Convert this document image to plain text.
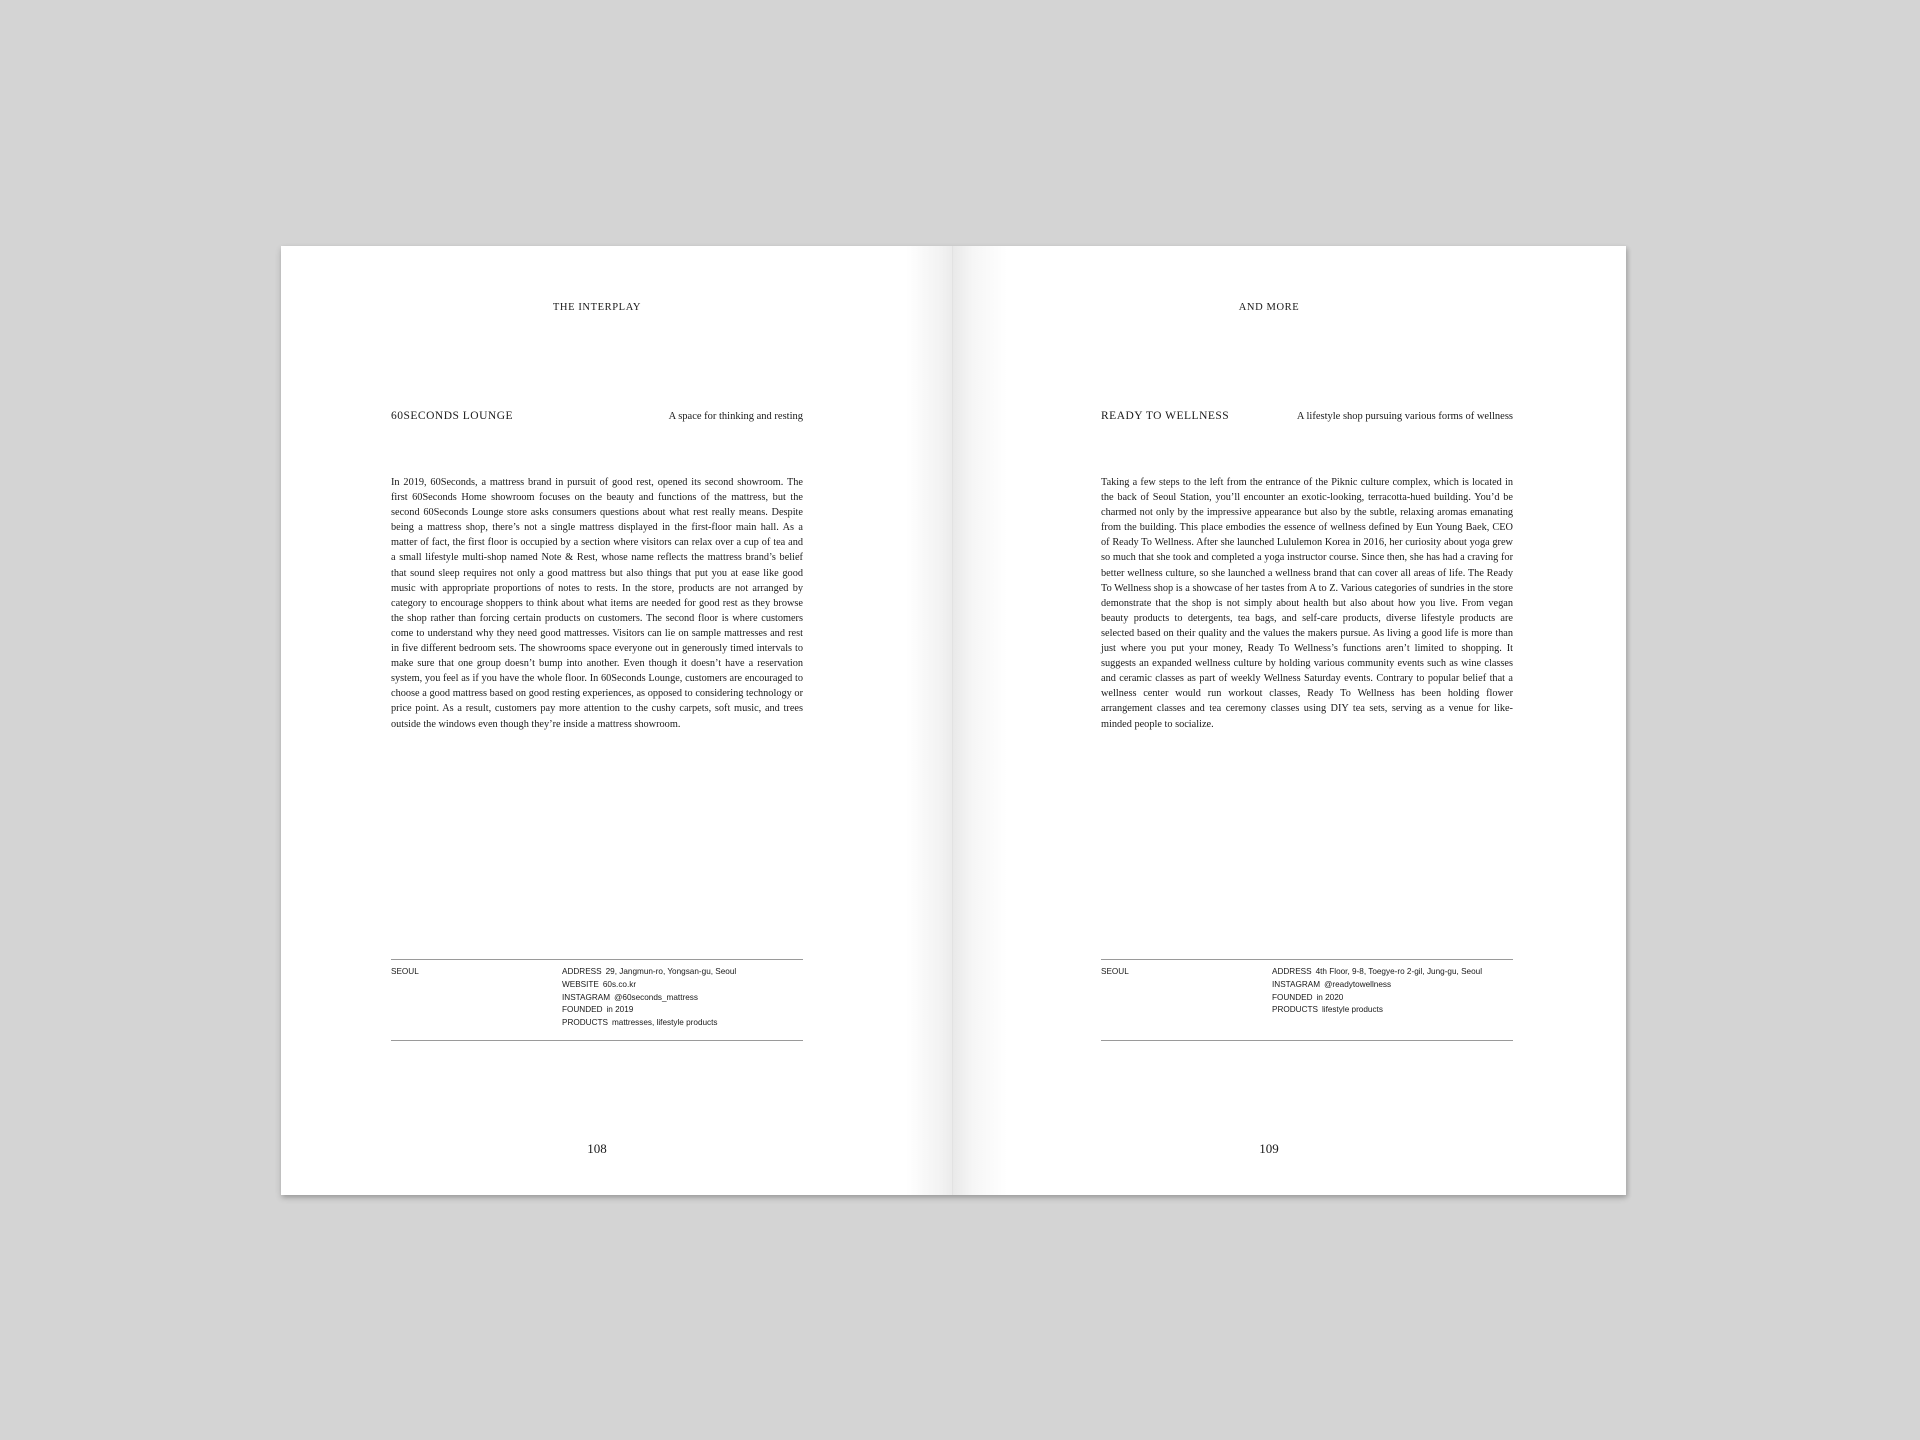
THE INTERPLAY
60SECONDS LOUNGE	A space for thinking and resting

In 2019, 60Seconds, a mattress brand in pursuit of good rest, opened its second showroom. The first 60Seconds Home showroom focuses on the beauty and functions of the mattress, but the second 60Seconds Lounge store asks consumers questions about what rest really means. Despite being a mattress shop, there’s not a single mattress displayed in the first-floor main hall. As a matter of fact, the first floor is occupied by a section where visitors can relax over a cup of tea and a small lifestyle multi-shop named Note & Rest, whose name reflects the mattress brand’s belief that sound sleep requires not only a good mattress but also things that put you at ease like good music with appropriate proportions of notes to rests. In the store, products are not arranged by category to encourage shoppers to think about what items are needed for good rest as they browse the shop rather than forcing certain products on customers. The second floor is where customers come to understand why they need good mattresses. Visitors can lie on sample mattresses and rest in five different bedroom sets. The showrooms space everyone out in generously timed intervals to make sure that one group doesn’t bump into another. Even though it doesn’t have a reservation system, you feel as if you have the whole floor. In 60Seconds Lounge, customers are encouraged to choose a good mattress based on good resting experiences, as opposed to considering technology or price point. As a result, customers pay more attention to the cushy carpets, soft music, and trees outside the windows even though they’re inside a mattress showroom.

SEOUL	ADDRESS 29, Jangmun-ro, Yongsan-gu, Seoul
WEBSITE 60s.co.kr
INSTAGRAM @60seconds_mattress
FOUNDED in 2019
PRODUCTS mattresses, lifestyle products
108
AND MORE
READY TO WELLNESS	A lifestyle shop pursuing various forms of wellness

Taking a few steps to the left from the entrance of the Piknic culture complex, which is located in the back of Seoul Station, you’ll encounter an exotic-looking, terracotta-hued building. You’d be charmed not only by the impressive appearance but also by the subtle, relaxing aromas emanating from the building. This place embodies the essence of wellness defined by Eun Young Baek, CEO of Ready To Wellness. After she launched Lululemon Korea in 2016, her curiosity about yoga grew so much that she took and completed a yoga instructor course. Since then, she has had a craving for better wellness culture, so she launched a wellness brand that can cover all areas of life. The Ready To Wellness shop is a showcase of her tastes from A to Z. Various categories of sundries in the store demonstrate that the shop is not simply about health but also about how you live. From vegan beauty products to detergents, tea bags, and self-care products, diverse lifestyle products are selected based on their quality and the values the makers pursue. As living a good life is more than just where you put your money, Ready To Wellness’s functions aren’t limited to shopping. It suggests an expanded wellness culture by holding various community events such as wine classes and ceramic classes as part of weekly Wellness Saturday events. Contrary to popular belief that a wellness center would run workout classes, Ready To Wellness has been holding flower arrangement classes and tea ceremony classes using DIY tea sets, serving as a venue for like-minded people to socialize.

SEOUL	ADDRESS 4th Floor, 9-8, Toegye-ro 2-gil, Jung-gu, Seoul
INSTAGRAM @readytowellness
FOUNDED in 2020
PRODUCTS lifestyle products
109
